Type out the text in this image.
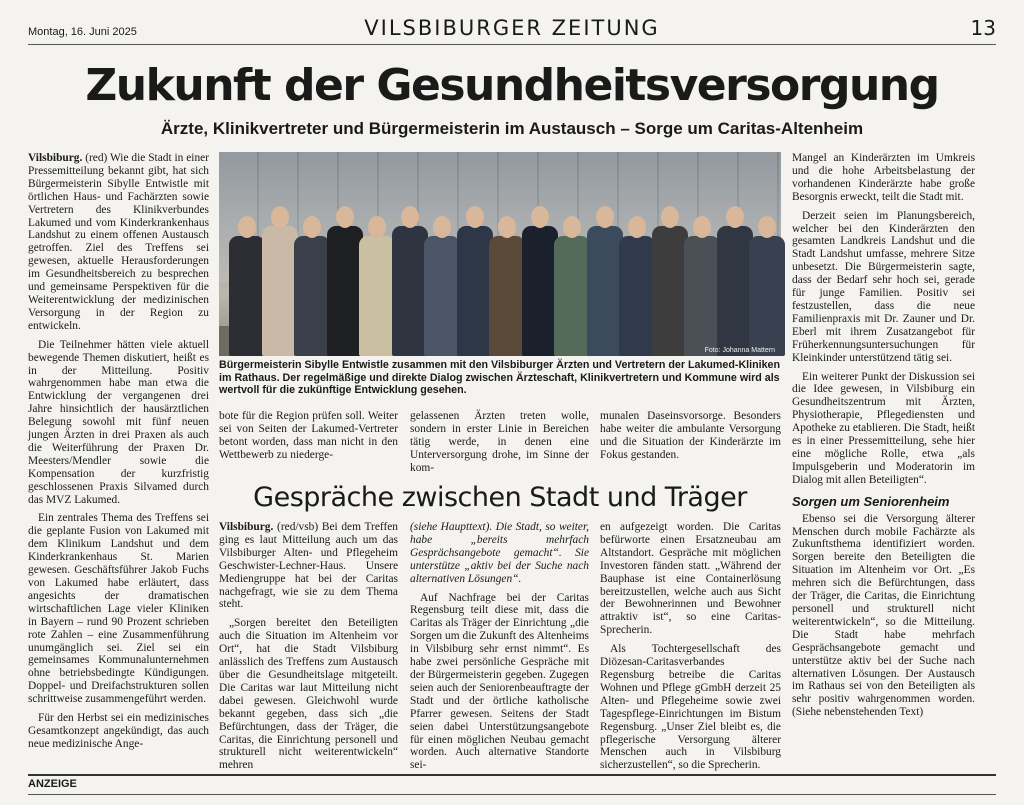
Montag, 16. Juni 2025	VILSBIBURGER ZEITUNG	13
Zukunft der Gesundheitsversorgung
Ärzte, Klinikvertreter und Bürgermeisterin im Austausch – Sorge um Caritas-Altenheim

Vilsbiburg. (red) Wie die Stadt in einer Pressemitteilung bekannt gibt, hat sich Bürgermeisterin Sibylle Entwistle mit örtlichen Haus- und Fachärzten sowie Vertretern des Klinikverbundes Lakumed und vom Kinderkrankenhaus Landshut zu einem offenen Austausch getroffen. Ziel des Treffens sei gewesen, aktuelle Herausforderungen im Gesundheitsbereich zu besprechen und gemeinsame Perspektiven für die Weiterentwicklung der medizinischen Versorgung in der Region zu entwickeln.

Die Teilnehmer hätten viele aktuell bewegende Themen diskutiert, heißt es in der Mitteilung. Positiv wahrgenommen habe man etwa die Entwicklung der vergangenen drei Jahre hinsichtlich der hausärztlichen Belegung sowohl mit fünf neuen jungen Ärzten in drei Praxen als auch die Weiterführung der Praxen Dr. Meesters/Mendler sowie die Kompensation der kurzfristig geschlossenen Praxis Silvamed durch das MVZ Lakumed.

Ein zentrales Thema des Treffens sei die geplante Fusion von Lakumed mit dem Klinikum Landshut und dem Kinderkrankenhaus St. Marien gewesen. Geschäftsführer Jakob Fuchs von Lakumed habe erläutert, dass angesichts der dramatischen wirtschaftlichen Lage vieler Kliniken in Bayern – rund 90 Prozent schrieben rote Zahlen – eine Zusammenführung unumgänglich sei. Ziel sei ein gemeinsames Kommunalunternehmen ohne betriebsbedingte Kündigungen. Doppel- und Dreifachstrukturen sollen schrittweise zusammengeführt werden.

Für den Herbst sei ein medizinisches Gesamtkonzept angekündigt, das auch neue medizinische Ange-

Foto: Johanna Mattern
Bürgermeisterin Sibylle Entwistle zusammen mit den Vilsbiburger Ärzten und Vertretern der Lakumed-Kliniken im Rathaus. Der regelmäßige und direkte Dialog zwischen Ärzteschaft, Klinikvertretern und Kommune wird als wertvoll für die zukünftige Entwicklung gesehen.

bote für die Region prüfen soll. Weiter sei von Seiten der Lakumed-Vertreter betont worden, dass man nicht in den Wettbewerb zu niederge-

gelassenen Ärzten treten wolle, sondern in erster Linie in Bereichen tätig werde, in denen eine Unterversorgung drohe, im Sinne der kom-

munalen Daseinsvorsorge. Besonders habe weiter die ambulante Versorgung und die Situation der Kinderärzte im Fokus gestanden.

Mangel an Kinderärzten im Umkreis und die hohe Arbeitsbelastung der vorhandenen Kinderärzte habe große Besorgnis erweckt, teilt die Stadt mit.

Derzeit seien im Planungsbereich, welcher bei den Kinderärzten den gesamten Landkreis Landshut und die Stadt Landshut umfasse, mehrere Sitze unbesetzt. Die Bürgermeisterin sagte, dass der Bedarf sehr hoch sei, gerade für junge Familien. Positiv sei festzustellen, dass die neue Familienpraxis mit Dr. Zauner und Dr. Eberl mit ihrem Zusatzangebot für Früherkennungsuntersuchungen für Kleinkinder unterstützend tätig sei.

Ein weiterer Punkt der Diskussion sei die Idee gewesen, in Vilsbiburg ein Gesundheitszentrum mit Ärzten, Physiotherapie, Pflegediensten und Apotheke zu etablieren. Die Stadt, heißt es in einer Pressemitteilung, sehe hier eine mögliche Rolle, etwa „als Impulsgeberin und Moderatorin im Dialog mit allen Beteiligten“.

Sorgen um Seniorenheim

Ebenso sei die Versorgung älterer Menschen durch mobile Fachärzte als Zukunftsthema identifiziert worden. Sorgen bereite den Beteiligten die Situation im Altenheim vor Ort. „Es mehren sich die Befürchtungen, dass der Träger, die Caritas, die Einrichtung personell und strukturell nicht weiterentwickeln“, so die Mitteilung. Die Stadt habe mehrfach Gesprächsangebote gemacht und unterstütze aktiv bei der Suche nach alternativen Lösungen. Der Austausch im Rathaus sei von den Beteiligten als sehr positiv wahrgenommen worden. (Siehe nebenstehenden Text)

Gespräche zwischen Stadt und Träger

Vilsbiburg. (red/vsb) Bei dem Treffen ging es laut Mitteilung auch um das Vilsbiburger Alten- und Pflegeheim Geschwister-Lechner-Haus. Unsere Mediengruppe hat bei der Caritas nachgefragt, wie sie zu dem Thema steht.

„Sorgen bereitet den Beteiligten auch die Situation im Altenheim vor Ort“, hat die Stadt Vilsbiburg anlässlich des Treffens zum Austausch über die Gesundheitslage mitgeteilt. Die Caritas war laut Mitteilung nicht dabei gewesen. Gleichwohl wurde bekannt gegeben, dass sich „die Befürchtungen, dass der Träger, die Caritas, die Einrichtung personell und strukturell nicht weiterentwickeln“ mehren

(siehe Haupttext). Die Stadt, so weiter, habe „bereits mehrfach Gesprächsangebote gemacht“. Sie unterstütze „aktiv bei der Suche nach alternativen Lösungen“.

Auf Nachfrage bei der Caritas Regensburg teilt diese mit, dass die Caritas als Träger der Einrichtung „die Sorgen um die Zukunft des Altenheims in Vilsbiburg sehr ernst nimmt“. Es habe zwei persönliche Gespräche mit der Bürgermeisterin gegeben. Zugegen seien auch der Seniorenbeauftragte der Stadt und der örtliche katholische Pfarrer gewesen. Seitens der Stadt seien dabei Unterstützungsangebote für einen möglichen Neubau gemacht worden. Auch alternative Standorte sei-

en aufgezeigt worden. Die Caritas befürworte einen Ersatzneubau am Altstandort. Gespräche mit möglichen Investoren fänden statt. „Während der Bauphase ist eine Containerlösung bereitzustellen, welche auch aus Sicht der Bewohnerinnen und Bewohner attraktiv ist“, so eine Caritas-Sprecherin.

Als Tochtergesellschaft des Diözesan-Caritasverbandes Regensburg betreibe die Caritas Wohnen und Pflege gGmbH derzeit 25 Alten- und Pflegeheime sowie zwei Tagespflege-Einrichtungen im Bistum Regensburg. „Unser Ziel bleibt es, die pflegerische Versorgung älterer Menschen auch in Vilsbiburg sicherzustellen“, so die Sprecherin.

ANZEIGE
